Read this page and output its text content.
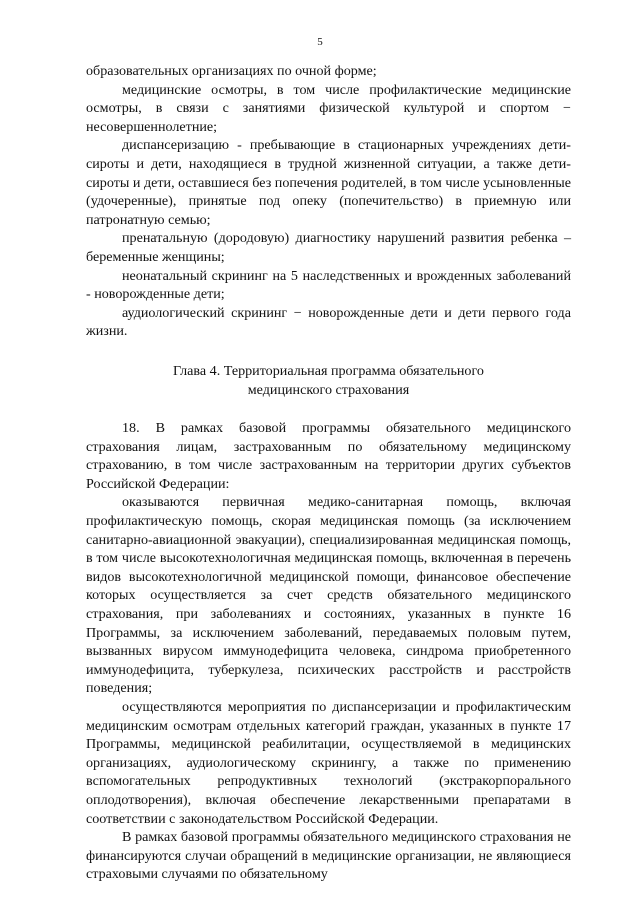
5

образовательных организациях по очной форме;

медицинские осмотры, в том числе профилактические медицинские осмотры, в связи с занятиями физической культурой и спортом − несовершеннолетние;

диспансеризацию - пребывающие в стационарных учреждениях дети-сироты и дети, находящиеся в трудной жизненной ситуации, а также дети-сироты и дети, оставшиеся без попечения родителей, в том числе усыновленные (удочеренные), принятые под опеку (попечительство) в приемную или патронатную семью;

пренатальную (дородовую) диагностику нарушений развития ребенка – беременные женщины;

неонатальный скрининг на 5 наследственных и врожденных заболеваний - новорожденные дети;

аудиологический скрининг − новорожденные дети и дети первого года жизни.

Глава 4. Территориальная программа обязательного
медицинского страхования

18. В рамках базовой программы обязательного медицинского страхования лицам, застрахованным по обязательному медицинскому страхованию, в том числе застрахованным на территории других субъектов Российской Федерации:

оказываются первичная медико-санитарная помощь, включая профилактическую помощь, скорая медицинская помощь (за исключением санитарно-авиационной эвакуации), специализированная медицинская помощь, в том числе высокотехнологичная медицинская помощь, включенная в перечень видов высокотехнологичной медицинской помощи, финансовое обеспечение которых осуществляется за счет средств обязательного медицинского страхования, при заболеваниях и состояниях, указанных в пункте 16 Программы, за исключением заболеваний, передаваемых половым путем, вызванных вирусом иммунодефицита человека, синдрома приобретенного иммунодефицита, туберкулеза, психических расстройств и расстройств поведения;

осуществляются мероприятия по диспансеризации и профилактическим медицинским осмотрам отдельных категорий граждан, указанных в пункте 17 Программы, медицинской реабилитации, осуществляемой в медицинских организациях, аудиологическому скринингу, а также по применению вспомогательных репродуктивных технологий (экстракорпорального оплодотворения), включая обеспечение лекарственными препаратами в соответствии с законодательством Российской Федерации.

В рамках базовой программы обязательного медицинского страхования не финансируются случаи обращений в медицинские организации, не являющиеся страховыми случаями по обязательному
